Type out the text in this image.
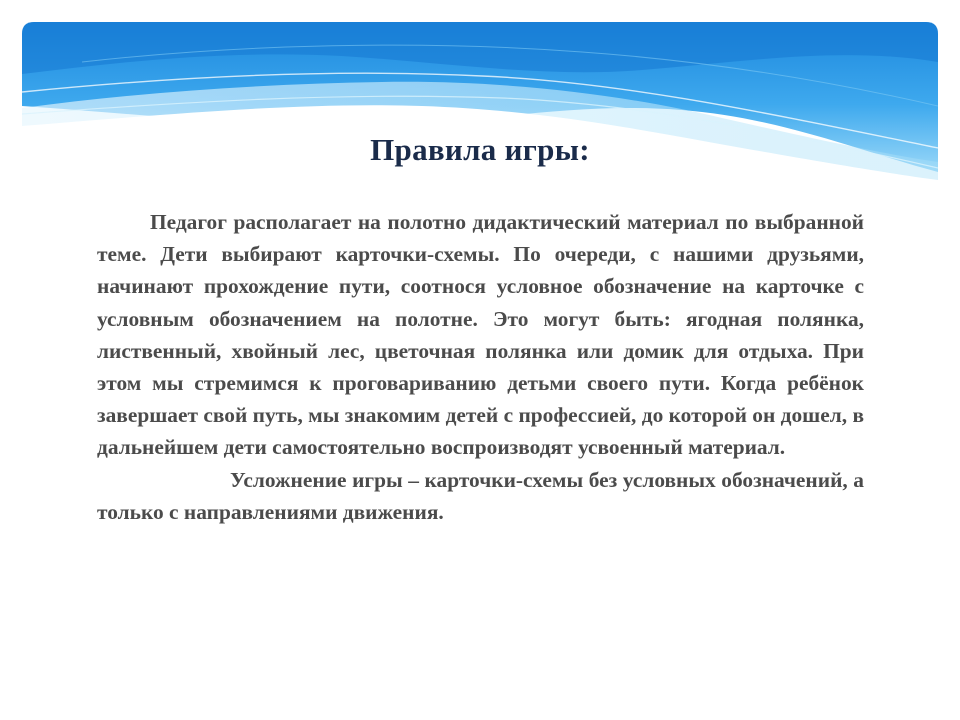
Правила игры:

Педагог располагает на полотно дидактический материал по выбранной теме. Дети выбирают карточки-схемы. По очереди, с нашими друзьями, начинают прохождение пути, соотнося условное обозначение на карточке с условным обозначением на полотне. Это могут быть: ягодная полянка, лиственный, хвойный лес, цветочная полянка или домик для отдыха. При этом мы стремимся к проговариванию детьми своего пути. Когда ребёнок завершает свой путь, мы знакомим детей с профессией, до которой он дошел, в дальнейшем дети самостоятельно воспроизводят усвоенный материал.

Усложнение игры – карточки-схемы без условных обозначений, а только с направлениями движения.
